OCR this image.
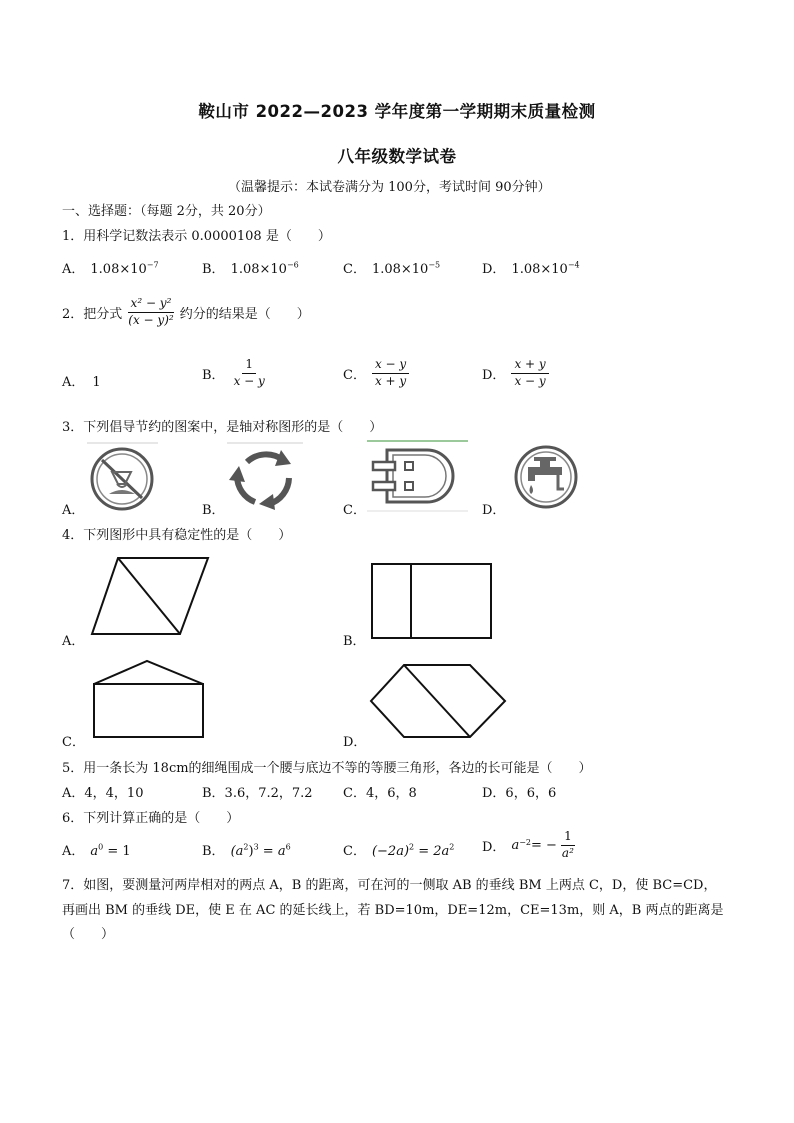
鞍山市 2022—2023 学年度第一学期期末质量检测
八年级数学试卷
（温馨提示：本试卷满分为 100分，考试时间 90分钟）
一、选择题：（每题 2分，共 20分）
1．用科学记数法表示 0.0000108 是（　　）
A． $1.08\times 10^{-7}$	B． $1.08\times 10^{-6}$	C． $1.08\times 10^{-5}$	D． $1.08\times 10^{-4}$
2．把分式 $\frac{\text{x² − y²}}{\text{(x − y)²}}$ 约分的结果是（　　）
A． 1	B． $\frac{1}{x - y}$	C． $\frac{x - y}{x + y}$	D． $\frac{x + y}{x - y}$
3．下列倡导节约的图案中，是轴对称图形的是（　　）
A．	B．	C．	D．
4．下列图形中具有稳定性的是（　　）
A．	B．
C．	D．
5．用一条长为 18cm的细绳围成一个腰与底边不等的等腰三角形，各边的长可能是（　　）
A．4，4，10	B．3.6，7.2，7.2 C．4，6，8	D．6，6，6
6．下列计算正确的是（　　）
A． $a^0 = 1$	B． $(a^2)^3 = a^6$	C． $(-2a)^2 = 2a^2$ D． $a^{-2}$ = − $\frac{1}{\text{a²}}$
7．如图，要测量河两岸相对的两点 A，B 的距离，可在河的一侧取 AB 的垂线 BM 上两点 C，D，使 BC=CD，
再画出 BM 的垂线 DE，使 E 在 AC 的延长线上，若 BD=10m，DE=12m，CE=13m，则 A，B 两点的距离是
（　　）
